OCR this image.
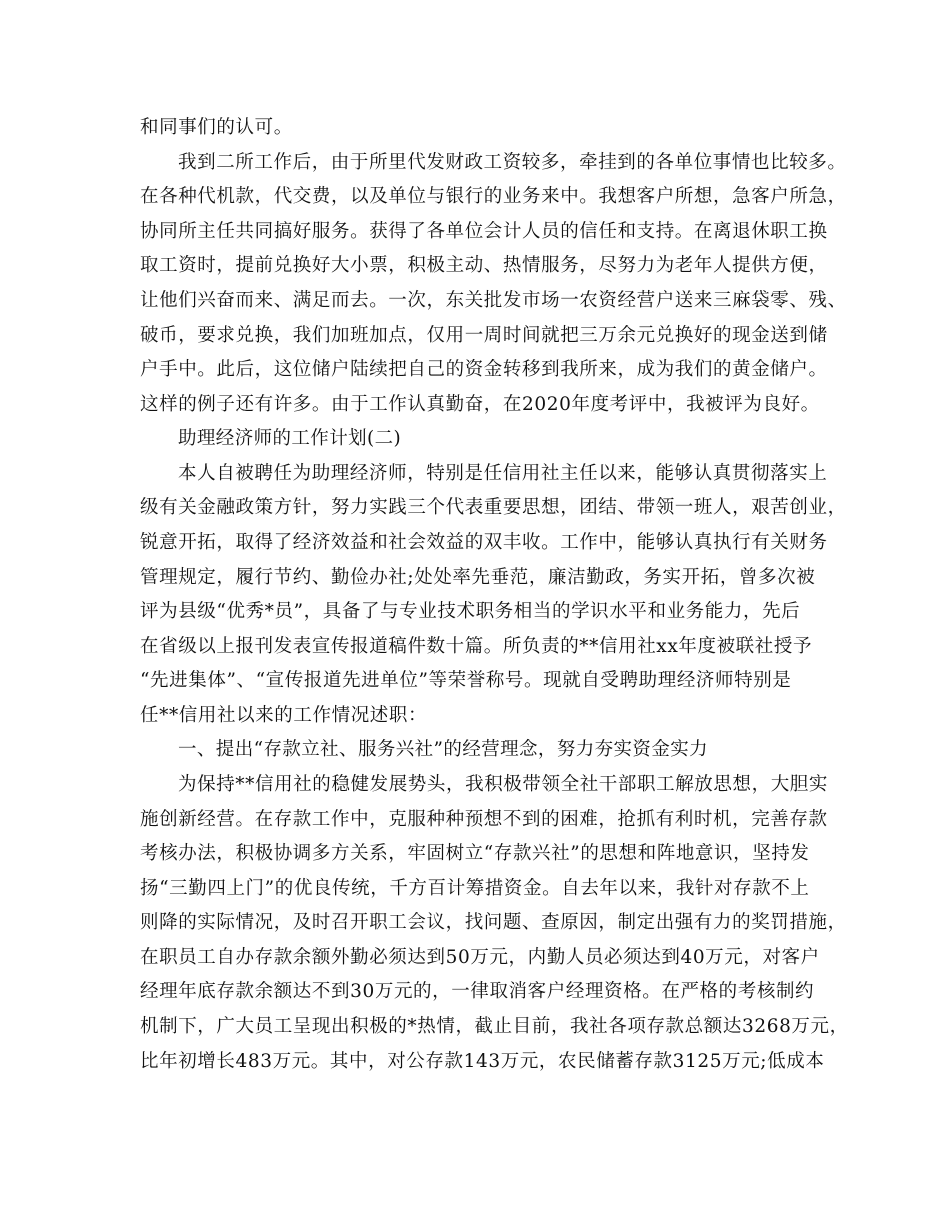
和同事们的认可。
我到二所工作后，由于所里代发财政工资较多，牵挂到的各单位事情也比较多。
在各种代机款，代交费，以及单位与银行的业务来中。我想客户所想，急客户所急，
协同所主任共同搞好服务。获得了各单位会计人员的信任和支持。在离退休职工换
取工资时，提前兑换好大小票，积极主动、热情服务，尽努力为老年人提供方便，
让他们兴奋而来、满足而去。一次，东关批发市场一农资经营户送来三麻袋零、残、
破币，要求兑换，我们加班加点，仅用一周时间就把三万余元兑换好的现金送到储
户手中。此后，这位储户陆续把自己的资金转移到我所来，成为我们的黄金储户。
这样的例子还有许多。由于工作认真勤奋，在2020年度考评中，我被评为良好。
助理经济师的工作计划(二)
本人自被聘任为助理经济师，特别是任信用社主任以来，能够认真贯彻落实上
级有关金融政策方针，努力实践三个代表重要思想，团结、带领一班人，艰苦创业，
锐意开拓，取得了经济效益和社会效益的双丰收。工作中，能够认真执行有关财务
管理规定，履行节约、勤俭办社;处处率先垂范，廉洁勤政，务实开拓，曾多次被
评为县级“优秀*员”，具备了与专业技术职务相当的学识水平和业务能力，先后
在省级以上报刊发表宣传报道稿件数十篇。所负责的**信用社xx年度被联社授予
“先进集体”、“宣传报道先进单位”等荣誉称号。现就自受聘助理经济师特别是
任**信用社以来的工作情况述职：
一、提出“存款立社、服务兴社”的经营理念，努力夯实资金实力
为保持**信用社的稳健发展势头，我积极带领全社干部职工解放思想，大胆实
施创新经营。在存款工作中，克服种种预想不到的困难，抢抓有利时机，完善存款
考核办法，积极协调多方关系，牢固树立“存款兴社”的思想和阵地意识，坚持发
扬“三勤四上门”的优良传统，千方百计筹措资金。自去年以来，我针对存款不上
则降的实际情况，及时召开职工会议，找问题、查原因，制定出强有力的奖罚措施，
在职员工自办存款余额外勤必须达到50万元，内勤人员必须达到40万元，对客户
经理年底存款余额达不到30万元的，一律取消客户经理资格。在严格的考核制约
机制下，广大员工呈现出积极的*热情，截止目前，我社各项存款总额达3268万元，
比年初增长483万元。其中，对公存款143万元，农民储蓄存款3125万元;低成本
